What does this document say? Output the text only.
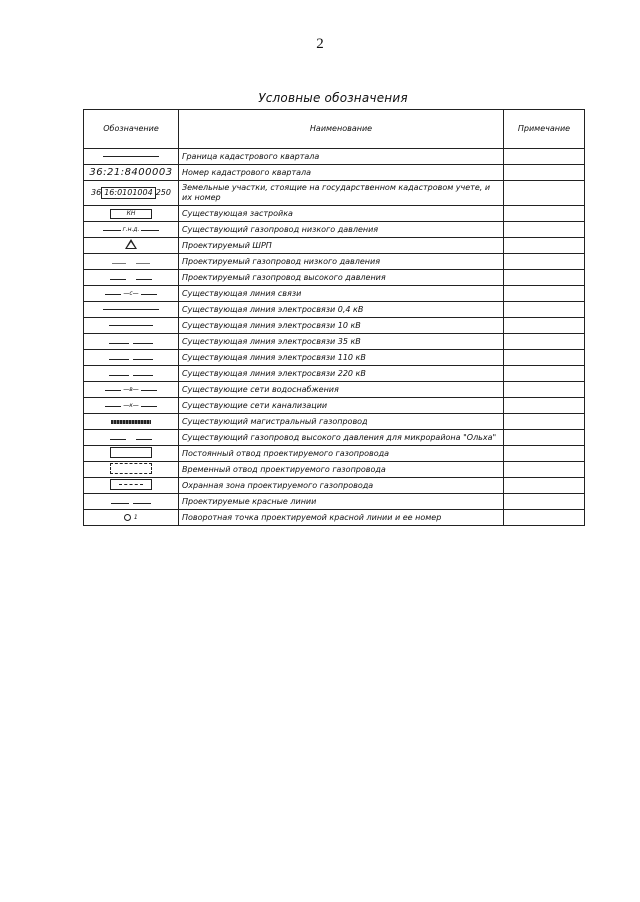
2
Условные обозначения
Обозначение	Наименование	Примечание
	Граница кадастрового квартала	
36:21:8400003	Номер кадастрового квартала	
36 16:0101004 250	Земельные участки, стоящие на государственном кадастровом учете, и их номер	
КН	Существующая застройка	
г.н.д.	Существующий газопровод низкого давления	
	Проектируемый ШРП	

	Проектируемый газопровод низкого давления	

	Проектируемый газопровод высокого давления	
—с—	Существующая линия связи	
	Существующая линия электросвязи 0,4 кВ	
	Существующая линия электросвязи 10 кВ	

	Существующая линия электросвязи 35 кВ	

	Существующая линия электросвязи 110 кВ	

	Существующая линия электросвязи 220 кВ	
—в—	Существующие сети водоснабжения	
—к—	Существующие сети канализации	
	Существующий магистральный газопровод	

	Существующий газопровод высокого давления для микрорайона "Ольха"	
	Постоянный отвод проектируемого газопровода	
	Временный отвод проектируемого газопровода	
	Охранная зона проектируемого газопровода	

	Проектируемые красные линии	
$^1$	Поворотная точка проектируемой красной линии и ее номер	
